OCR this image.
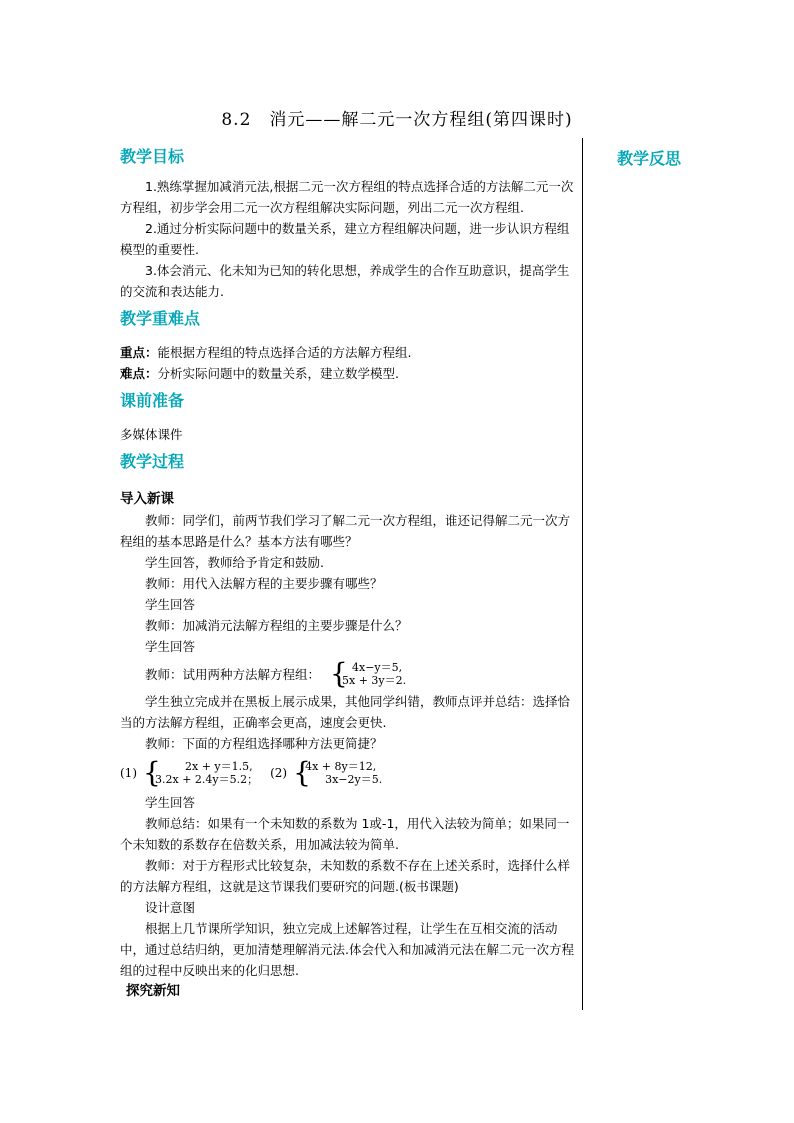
8.2　消元——解二元一次方程组(第四课时)
教学反思
教学目标

1.熟练掌握加减消元法,根据二元一次方程组的特点选择合适的方法解二元一次方程组，初步学会用二元一次方程组解决实际问题，列出二元一次方程组.

2.通过分析实际问题中的数量关系，建立方程组解决问题，进一步认识方程组模型的重要性.

3.体会消元、化未知为已知的转化思想，养成学生的合作互助意识，提高学生的交流和表达能力.

教学重难点

重点：能根据方程组的特点选择合适的方法解方程组.

难点：分析实际问题中的数量关系，建立数学模型.

课前准备

多媒体课件

教学过程
导入新课

教师：同学们，前两节我们学习了解二元一次方程组，谁还记得解二元一次方程组的基本思路是什么？基本方法有哪些？

学生回答，教师给予肯定和鼓励.

教师：用代入法解方程的主要步骤有哪些？

学生回答

教师：加减消元法解方程组的主要步骤是什么？

学生回答

教师：试用两种方法解方程组： { 4x−y＝5,
5x + 3y＝2.

学生独立完成并在黑板上展示成果，其他同学纠错，教师点评并总结：选择恰当的方法解方程组，正确率会更高，速度会更快.

教师：下面的方程组选择哪种方法更简捷？

(1) {	2x + y＝1.5,
3.2x + 2.4y＝5.2； (2) {
4x + 8y＝12,
3x−2y＝5.

学生回答

教师总结：如果有一个未知数的系数为 1或-1，用代入法较为简单；如果同一个未知数的系数存在倍数关系，用加减法较为简单.

教师：对于方程形式比较复杂，未知数的系数不存在上述关系时，选择什么样的方法解方程组，这就是这节课我们要研究的问题.(板书课题)

设计意图

根据上几节课所学知识，独立完成上述解答过程，让学生在互相交流的活动中，通过总结归纳，更加清楚理解消元法.体会代入和加减消元法在解二元一次方程组的过程中反映出来的化归思想.

探究新知
